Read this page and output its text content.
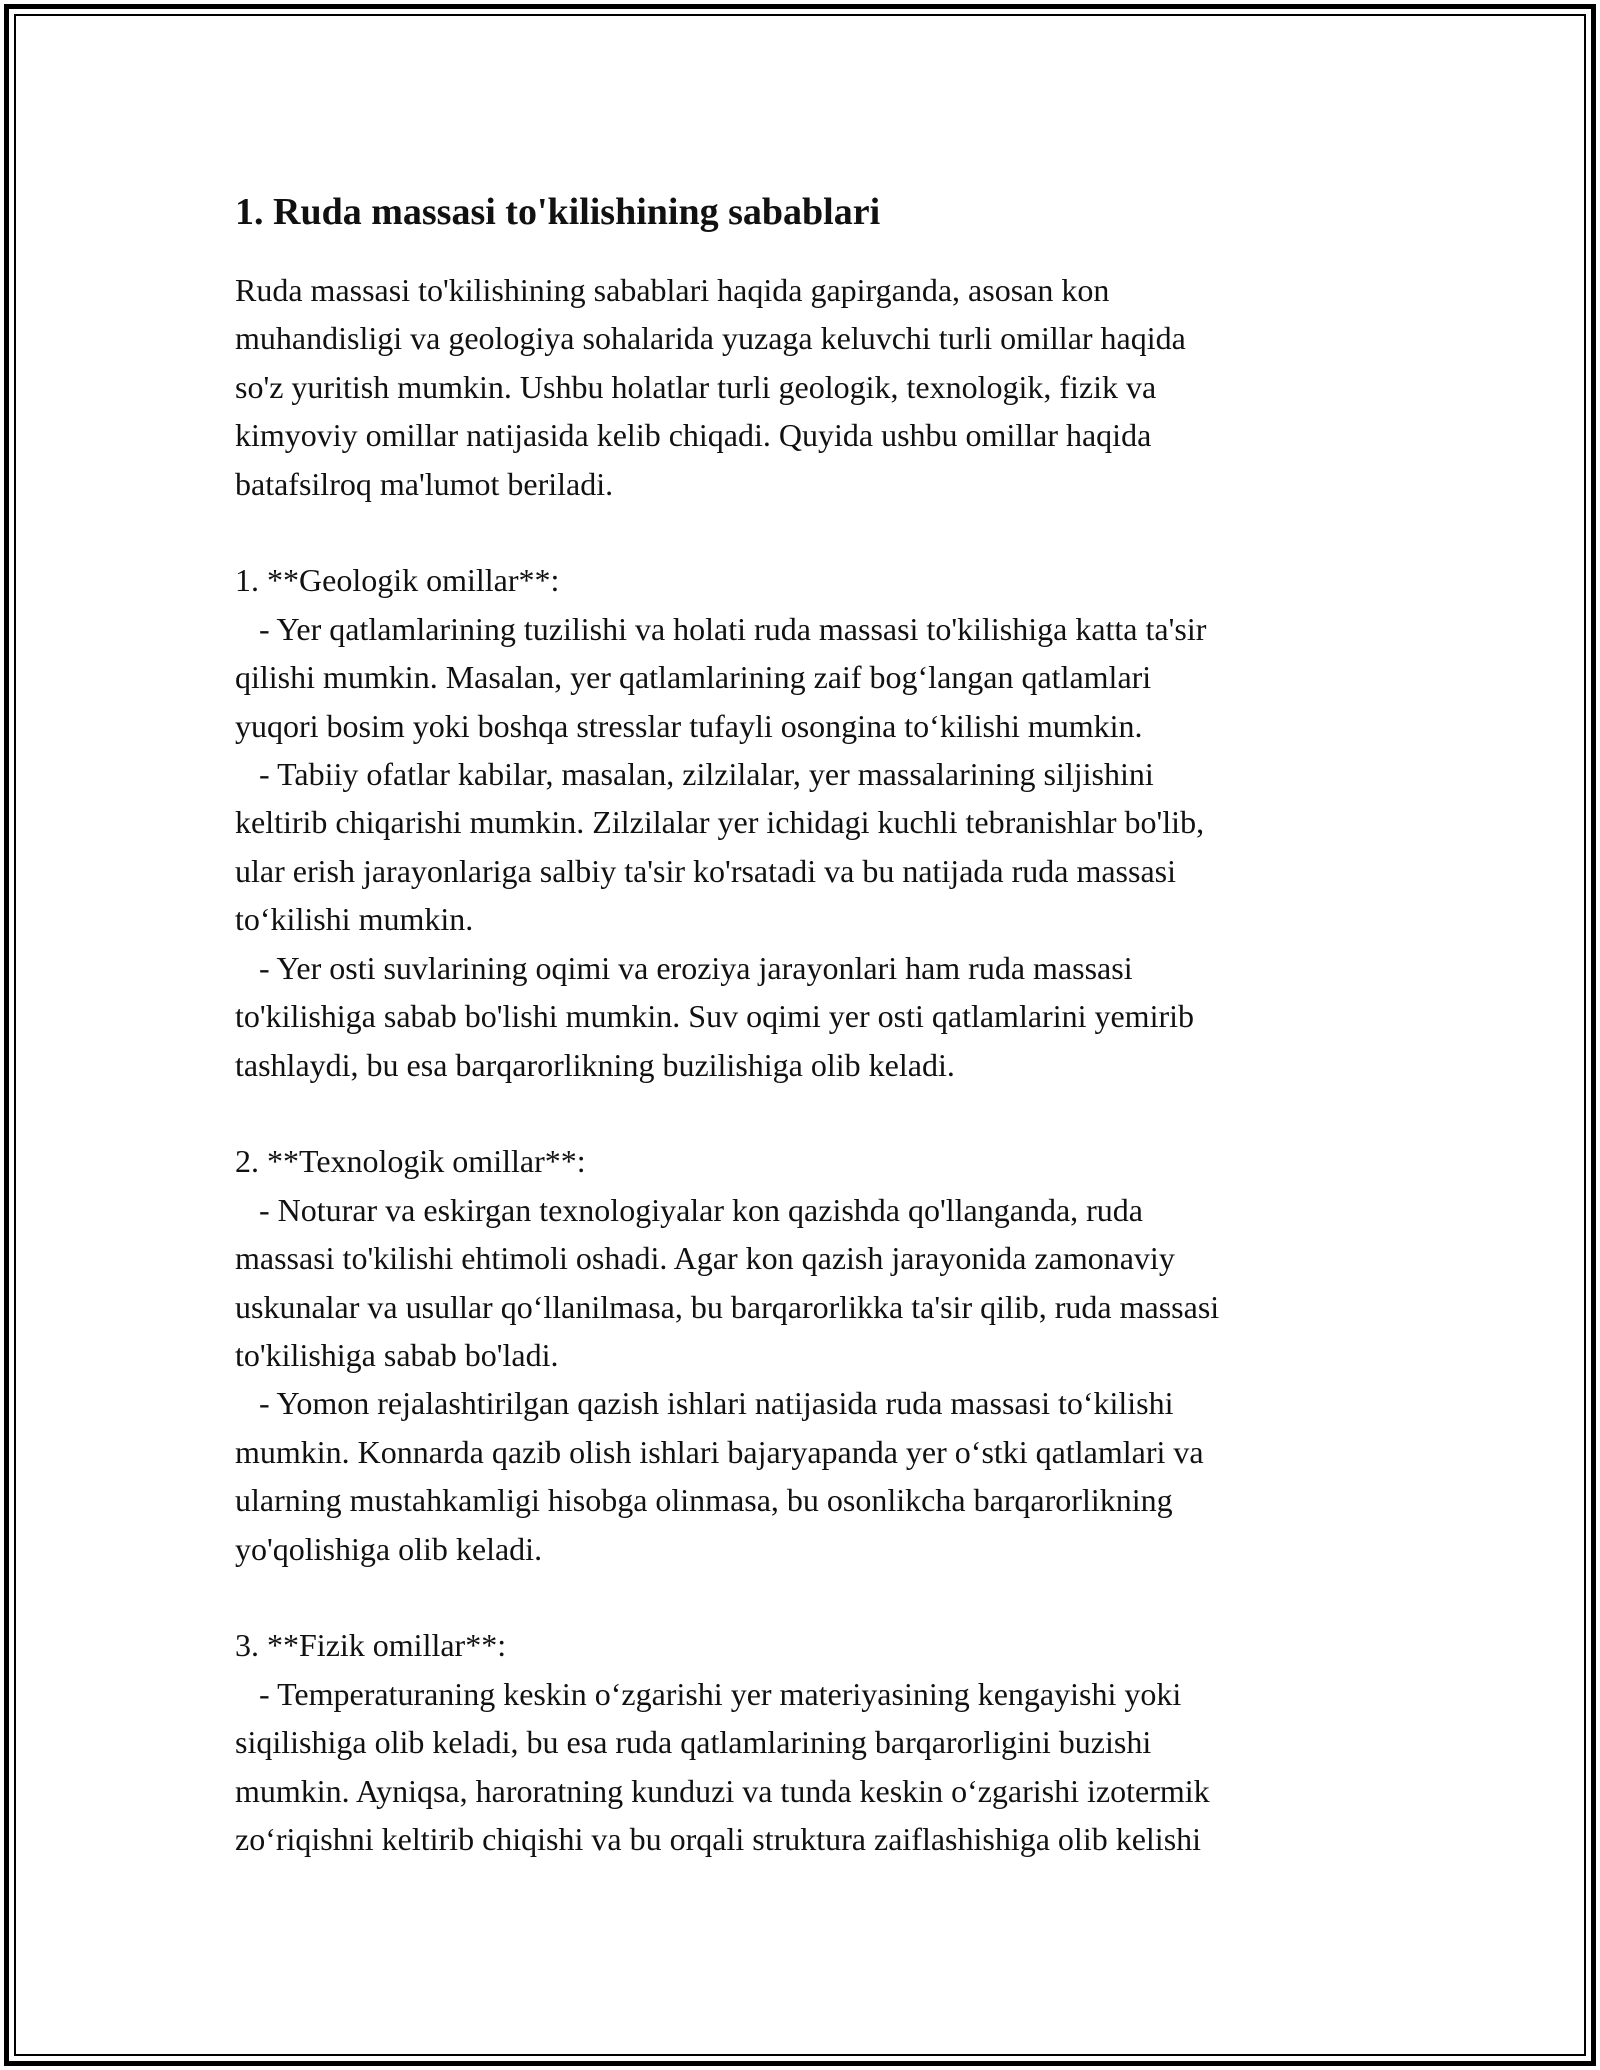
1. Ruda massasi to'kilishining sabablari

Ruda massasi to'kilishining sabablari haqida gapirganda, asosan kon
muhandisligi va geologiya sohalarida yuzaga keluvchi turli omillar haqida
so'z yuritish mumkin. Ushbu holatlar turli geologik, texnologik, fizik va
kimyoviy omillar natijasida kelib chiqadi. Quyida ushbu omillar haqida
batafsilroq ma'lumot beriladi.

1. **Geologik omillar**:
- Yer qatlamlarining tuzilishi va holati ruda massasi to'kilishiga katta ta'sir
qilishi mumkin. Masalan, yer qatlamlarining zaif bog‘langan qatlamlari
yuqori bosim yoki boshqa stresslar tufayli osongina to‘kilishi mumkin.
- Tabiiy ofatlar kabilar, masalan, zilzilalar, yer massalarining siljishini
keltirib chiqarishi mumkin. Zilzilalar yer ichidagi kuchli tebranishlar bo'lib,
ular erish jarayonlariga salbiy ta'sir ko'rsatadi va bu natijada ruda massasi
to‘kilishi mumkin.
- Yer osti suvlarining oqimi va eroziya jarayonlari ham ruda massasi
to'kilishiga sabab bo'lishi mumkin. Suv oqimi yer osti qatlamlarini yemirib
tashlaydi, bu esa barqarorlikning buzilishiga olib keladi.

2. **Texnologik omillar**:
- Noturar va eskirgan texnologiyalar kon qazishda qo'llanganda, ruda
massasi to'kilishi ehtimoli oshadi. Agar kon qazish jarayonida zamonaviy
uskunalar va usullar qo‘llanilmasa, bu barqarorlikka ta'sir qilib, ruda massasi
to'kilishiga sabab bo'ladi.
- Yomon rejalashtirilgan qazish ishlari natijasida ruda massasi to‘kilishi
mumkin. Konnarda qazib olish ishlari bajaryapanda yer o‘stki qatlamlari va
ularning mustahkamligi hisobga olinmasa, bu osonlikcha barqarorlikning
yo'qolishiga olib keladi.

3. **Fizik omillar**:
- Temperaturaning keskin o‘zgarishi yer materiyasining kengayishi yoki
siqilishiga olib keladi, bu esa ruda qatlamlarining barqarorligini buzishi
mumkin. Ayniqsa, haroratning kunduzi va tunda keskin o‘zgarishi izotermik
zo‘riqishni keltirib chiqishi va bu orqali struktura zaiflashishiga olib kelishi
